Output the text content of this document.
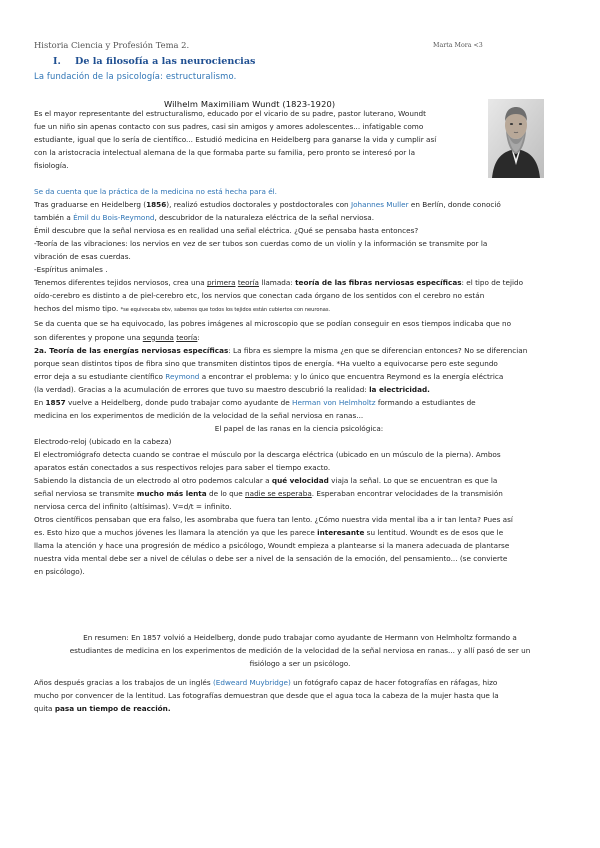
Historia Ciencia y Profesión Tema 2.	Marta Mora <3
I. De la filosofía a las neurociencias
La fundación de la psicología: estructuralismo.
Wilhelm Maximiliam Wundt (1823-1920)
Es el mayor representante del estructuralismo, educado por el vicario de su padre, pastor luterano, Woundt
fue un niño sin apenas contacto con sus padres, casi sin amigos y amores adolescentes... infatigable como
estudiante, igual que lo sería de científico... Estudió medicina en Heidelberg para ganarse la vida y cumplir así
con la aristocracia intelectual alemana de la que formaba parte su familia, pero pronto se interesó por la
fisiología.
Se da cuenta que la práctica de la medicina no está hecha para él.
Tras graduarse en Heidelberg (1856), realizó estudios doctorales y postdoctorales con Johannes Muller en Berlín, donde conoció
también a Émil du Bois-Reymond, descubridor de la naturaleza eléctrica de la señal nerviosa.
Émil descubre que la señal nerviosa es en realidad una señal eléctrica. ¿Qué se pensaba hasta entonces?
-Teoría de las vibraciones: los nervios en vez de ser tubos son cuerdas como de un violín y la información se transmite por la
vibración de esas cuerdas.
-Espíritus animales .
Tenemos diferentes tejidos nerviosos, crea una primera teoría llamada: teoría de las fibras nerviosas específicas: el tipo de tejido
oído-cerebro es distinto a de piel-cerebro etc, los nervios que conectan cada órgano de los sentidos con el cerebro no están
hechos del mismo tipo. *se equivocaba obv, sabemos que todos los tejidos están cubiertos con neuronas.
Se da cuenta que se ha equivocado, las pobres imágenes al microscopio que se podían conseguir en esos tiempos indicaba que no
son diferentes y propone una segunda teoría:
2a. Teoría de las energías nerviosas específicas: La fibra es siempre la misma ¿en que se diferencian entonces? No se diferencian
porque sean distintos tipos de fibra sino que transmiten distintos tipos de energía. *Ha vuelto a equivocarse pero este segundo
error deja a su estudiante científico Reymond a encontrar el problema: y lo único que encuentra Reymond es la energía eléctrica
(la verdad). Gracias a la acumulación de errores que tuvo su maestro descubrió la realidad: la electricidad.
En 1857 vuelve a Heidelberg, donde pudo trabajar como ayudante de Herman von Helmholtz formando a estudiantes de
medicina en los experimentos de medición de la velocidad de la señal nerviosa en ranas...
El papel de las ranas en la ciencia psicológica:
Electrodo-reloj (ubicado en la cabeza)
El electromiógrafo detecta cuando se contrae el músculo por la descarga eléctrica (ubicado en un músculo de la pierna). Ambos
aparatos están conectados a sus respectivos relojes para saber el tiempo exacto.
Sabiendo la distancia de un electrodo al otro podemos calcular a qué velocidad viaja la señal. Lo que se encuentran es que la
señal nerviosa se transmite mucho más lenta de lo que nadie se esperaba. Esperaban encontrar velocidades de la transmisión
nerviosa cerca del infinito (altísimas). V=d/t = infinito.
Otros científicos pensaban que era falso, les asombraba que fuera tan lento. ¿Cómo nuestra vida mental iba a ir tan lenta? Pues así
es. Esto hizo que a muchos jóvenes les llamara la atención ya que les parece interesante su lentitud. Woundt es de esos que le
llama la atención y hace una progresión de médico a psicólogo, Woundt empieza a plantearse si la manera adecuada de plantarse
nuestra vida mental debe ser a nivel de células o debe ser a nivel de la sensación de la emoción, del pensamiento... (se convierte
en psicólogo).
En resumen: En 1857 volvió a Heidelberg, donde pudo trabajar como ayudante de Hermann von Helmholtz formando a
estudiantes de medicina en los experimentos de medición de la velocidad de la señal nerviosa en ranas... y allí pasó de ser un
fisiólogo a ser un psicólogo.
Años después gracias a los trabajos de un inglés (Edweard Muybridge) un fotógrafo capaz de hacer fotografías en ráfagas, hizo
mucho por convencer de la lentitud. Las fotografías demuestran que desde que el agua toca la cabeza de la mujer hasta que la
quita pasa un tiempo de reacción.
